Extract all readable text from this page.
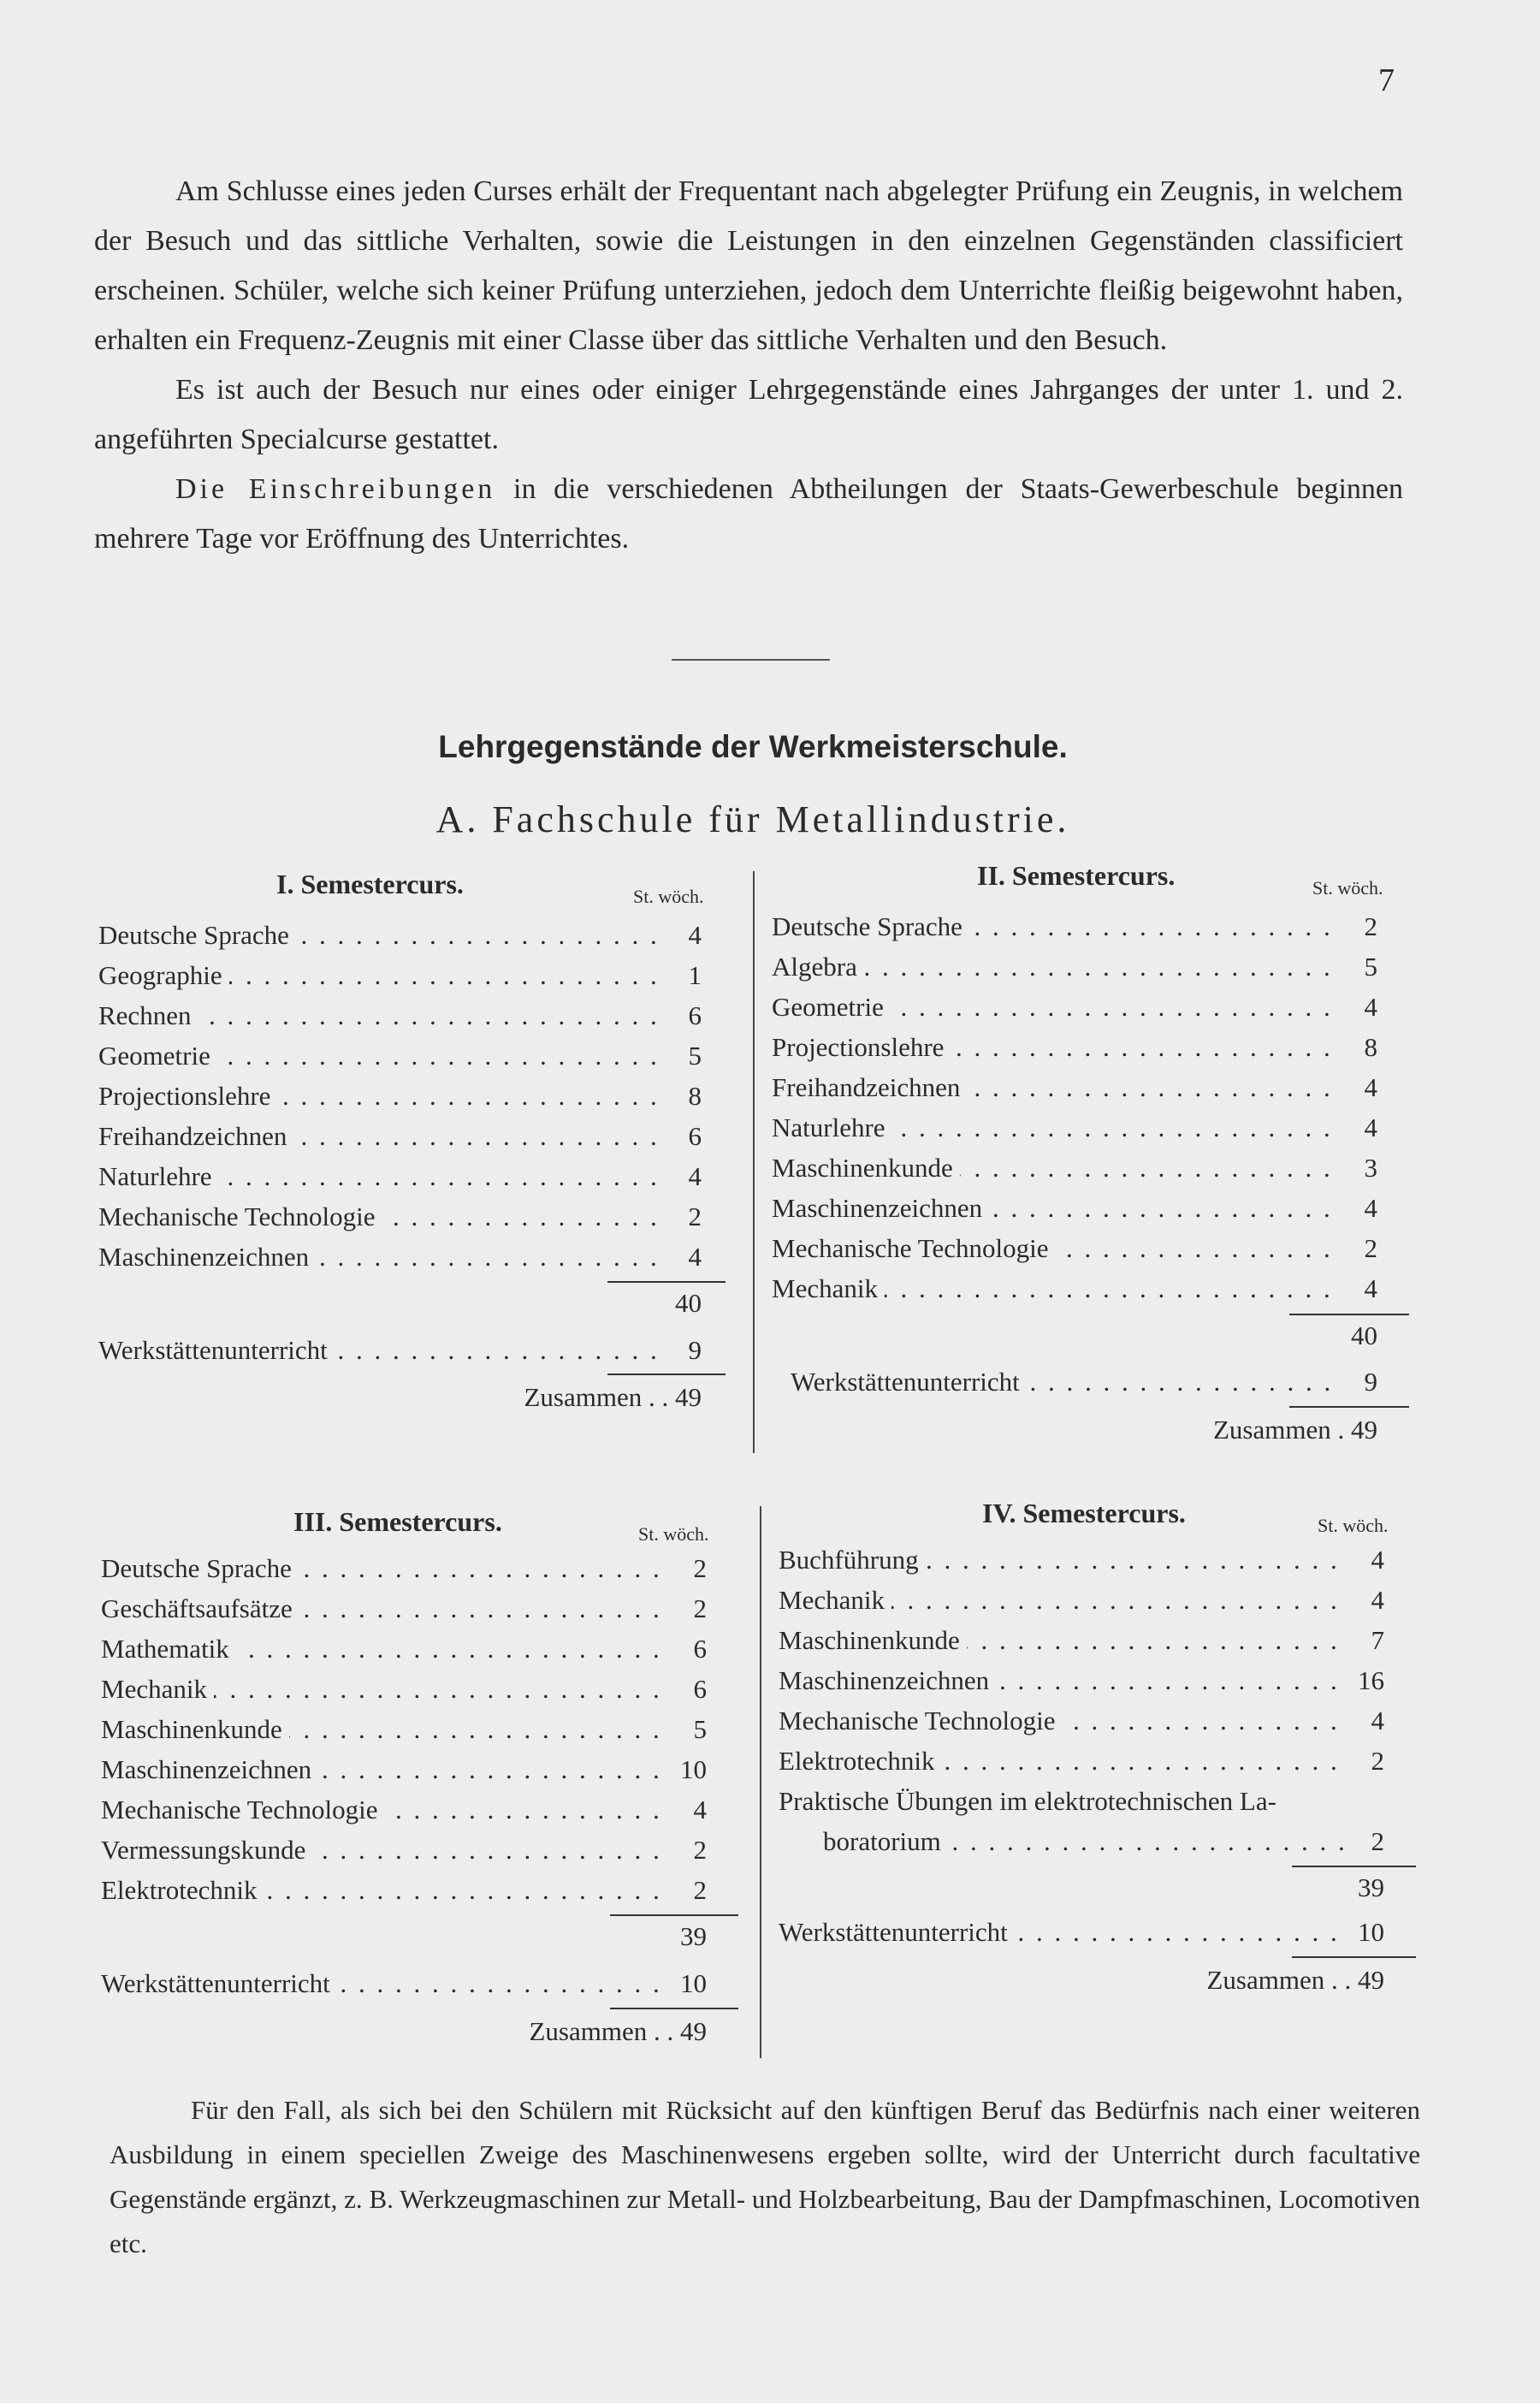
7

Am Schlusse eines jeden Curses erhält der Frequentant nach abgelegter Prüfung ein Zeugnis, in welchem der Besuch und das sittliche Verhalten, sowie die Leistungen in den einzelnen Gegenständen classificiert erscheinen. Schüler, welche sich keiner Prüfung unterziehen, jedoch dem Unterrichte fleißig beigewohnt haben, erhalten ein Frequenz-Zeugnis mit einer Classe über das sittliche Verhalten und den Besuch.

Es ist auch der Besuch nur eines oder einiger Lehrgegenstände eines Jahrganges der unter 1. und 2. angeführten Specialcurse gestattet.

Die Einschreibungen in die verschiedenen Abtheilungen der Staats-Gewerbeschule beginnen mehrere Tage vor Eröffnung des Unterrichtes.

Lehrgegenstände der Werkmeisterschule.
A. Fachschule für Metallindustrie.
I. Semestercurs.	St. wöch.
. . .
Deutsche Sprache	4
. . .
Geographie	1
. . .
Rechnen	6
. . .
Geometrie	5
. . .
Projectionslehre	8
. . .
Freihandzeichnen	6
. . .
Naturlehre	4
. . .
Mechanische Technologie	2
. . .
Maschinenzeichnen	4
40
. . .
Werkstättenunterricht	9
Zusammen . . 49
II. Semestercurs.	St. wöch.
. . .
Deutsche Sprache	2
. . .
Algebra	5
. . .
Geometrie	4
. . .
Projectionslehre	8
. . .
Freihandzeichnen	4
. . .
Naturlehre	4
. . .
Maschinenkunde	3
. . .
Maschinenzeichnen	4
. . .
Mechanische Technologie	2
. . .
Mechanik	4
40
. . .
Werkstättenunterricht	9
Zusammen . 49
III. Semestercurs.	St. wöch.
. . .
Deutsche Sprache	2
. . .
Geschäftsaufsätze	2
. . .
Mathematik	6
. . .
Mechanik	6
. . .
Maschinenkunde	5
. . .
Maschinenzeichnen	10
. . .
Mechanische Technologie	4
. . .
Vermessungskunde	2
. . .
Elektrotechnik	2
39
. . .
Werkstättenunterricht	10
Zusammen . . 49
IV. Semestercurs.	St. wöch.
. . .
Buchführung	4
. . .
Mechanik	4
. . .
Maschinenkunde	7
. . .
Maschinenzeichnen	16
. . .
Mechanische Technologie	4
. . .
Elektrotechnik	2
Praktische Übungen im elektrotechnischen La-
. . .
boratorium	2
39
. . .
Werkstättenunterricht	10
Zusammen . . 49
Für den Fall, als sich bei den Schülern mit Rücksicht auf den künftigen Beruf das Bedürfnis nach einer weiteren Ausbildung in einem speciellen Zweige des Maschinenwesens ergeben sollte, wird der Unterricht durch facultative Gegenstände ergänzt, z. B. Werkzeugmaschinen zur Metall- und Holzbearbeitung, Bau der Dampfmaschinen, Locomotiven etc.
